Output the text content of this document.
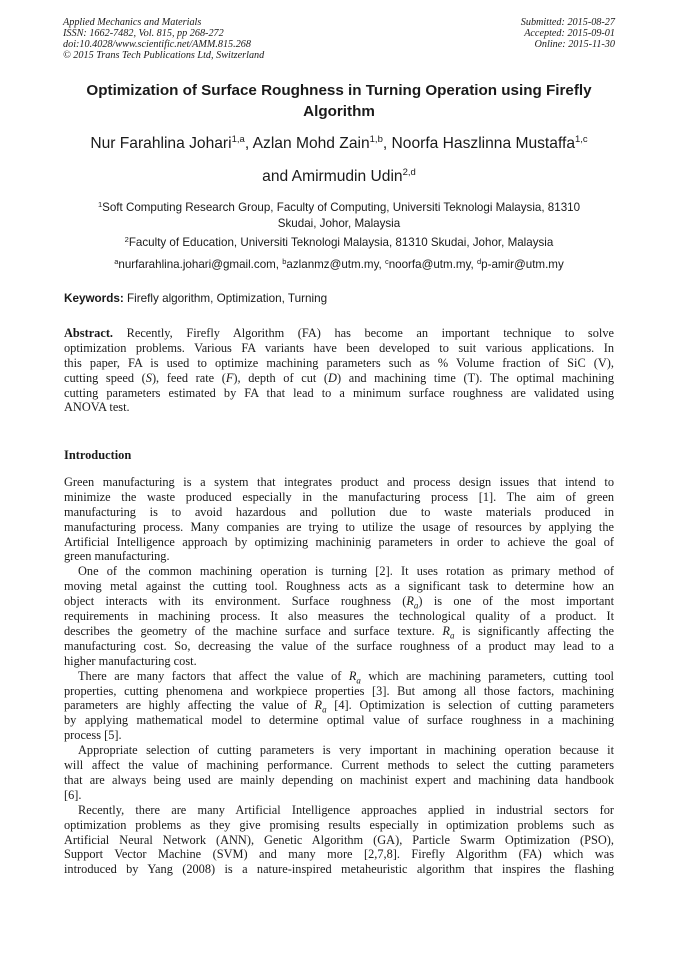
Applied Mechanics and Materials
ISSN: 1662-7482, Vol. 815, pp 268-272
doi:10.4028/www.scientific.net/AMM.815.268
© 2015 Trans Tech Publications Ltd, Switzerland
Submitted: 2015-08-27
Accepted: 2015-09-01
Online: 2015-11-30
Optimization of Surface Roughness in Turning Operation using Firefly Algorithm
Nur Farahlina Johari$^{1,a}$, Azlan Mohd Zain$^{1,b}$, Noorfa Haszlinna Mustaffa$^{1,c}$
and Amirmudin Udin$^{2,d}$
$^1$Soft Computing Research Group, Faculty of Computing, Universiti Teknologi Malaysia, 81310
Skudai, Johor, Malaysia
$^2$Faculty of Education, Universiti Teknologi Malaysia, 81310 Skudai, Johor, Malaysia
$^a$nurfarahlina.johari@gmail.com, $^b$azlanmz@utm.my, $^c$noorfa@utm.my, $^d$p-amir@utm.my
Keywords: Firefly algorithm, Optimization, Turning
Abstract. Recently, Firefly Algorithm (FA) has become an important technique to solve
optimization problems. Various FA variants have been developed to suit various applications. In
this paper, FA is used to optimize machining parameters such as % Volume fraction of SiC (V),
cutting speed (S), feed rate (F), depth of cut (D) and machining time (T). The optimal machining
cutting parameters estimated by FA that lead to a minimum surface roughness are validated using
ANOVA test.
Introduction
Green manufacturing is a system that integrates product and process design issues that intend to
minimize the waste produced especially in the manufacturing process [1]. The aim of green
manufacturing is to avoid hazardous and pollution due to waste materials produced in
manufacturing process. Many companies are trying to utilize the usage of resources by applying the
Artificial Intelligence approach by optimizing machininig parameters in order to achieve the goal of
green manufacturing.
One of the common machining operation is turning [2]. It uses rotation as primary method of
moving metal against the cutting tool. Roughness acts as a significant task to determine how an
object interacts with its environment. Surface roughness $(R_a)$ is one of the most important
requirements in machining process. It also measures the technological quality of a product. It
describes the geometry of the machine surface and surface texture. $R_a$ is significantly affecting the
manufacturing cost. So, decreasing the value of the surface roughness of a product may lead to a
higher manufacturing cost.
There are many factors that affect the value of $R_a$ which are machining parameters, cutting tool
properties, cutting phenomena and workpiece properties [3]. But among all those factors, machining
parameters are highly affecting the value of $R_a$ [4]. Optimization is selection of cutting parameters
by applying mathematical model to determine optimal value of surface roughness in a machining
process [5].
Appropriate selection of cutting parameters is very important in machining operation because it
will affect the value of machining performance. Current methods to select the cutting parameters
that are always being used are mainly depending on machinist expert and machining data handbook
[6].
Recently, there are many Artificial Intelligence approaches applied in industrial sectors for
optimization problems as they give promising results especially in optimization problems such as
Artificial Neural Network (ANN), Genetic Algorithm (GA), Particle Swarm Optimization (PSO),
Support Vector Machine (SVM) and many more [2,7,8]. Firefly Algorithm (FA) which was
introduced by Yang (2008) is a nature-inspired metaheuristic algorithm that inspires the flashing
